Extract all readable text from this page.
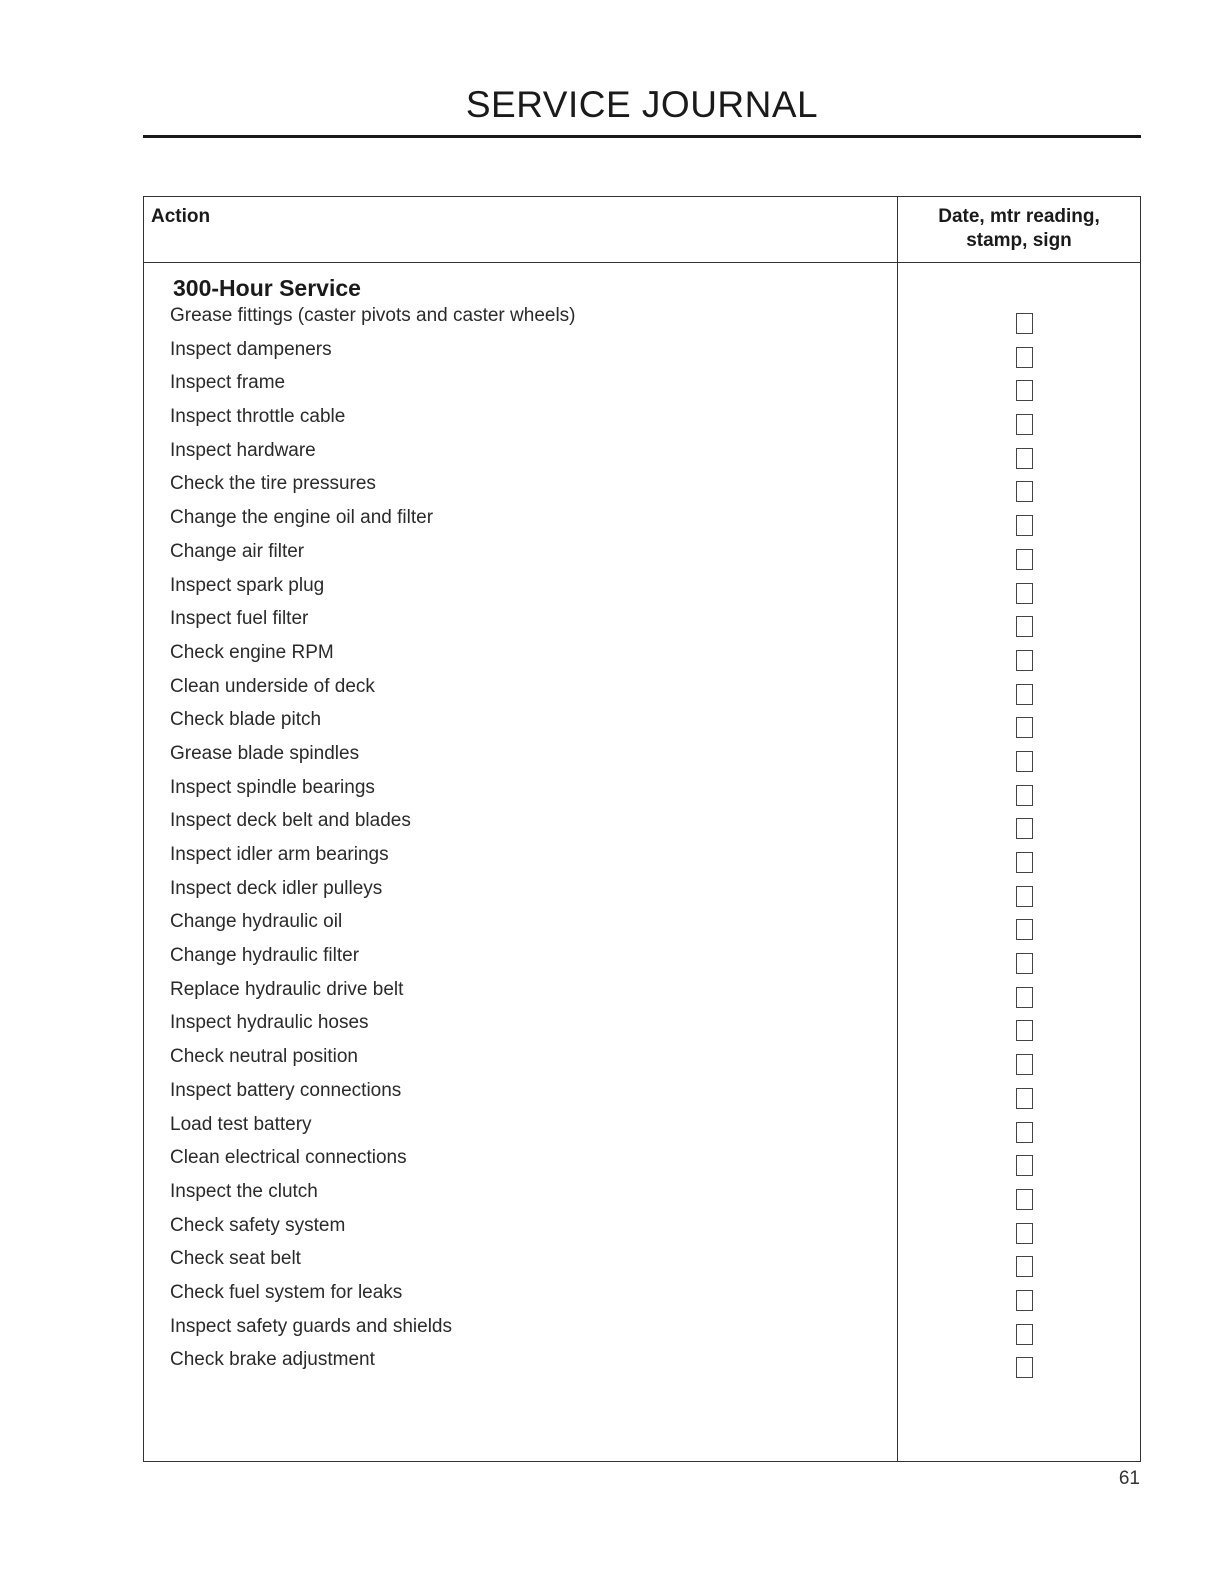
SERVICE JOURNAL
Action	Date, mtr reading,
stamp, sign
300-Hour Service
Grease fittings (caster pivots and caster wheels)
Inspect dampeners
Inspect frame
Inspect throttle cable
Inspect hardware
Check the tire pressures
Change the engine oil and filter
Change air filter
Inspect spark plug
Inspect fuel filter
Check engine RPM
Clean underside of deck
Check blade pitch
Grease blade spindles
Inspect spindle bearings
Inspect deck belt and blades
Inspect idler arm bearings
Inspect deck idler pulleys
Change hydraulic oil
Change hydraulic filter
Replace hydraulic drive belt
Inspect hydraulic hoses
Check neutral position
Inspect battery connections
Load test battery
Clean electrical connections
Inspect the clutch
Check safety system
Check seat belt
Check fuel system for leaks
Inspect safety guards and shields
Check brake adjustment
61
